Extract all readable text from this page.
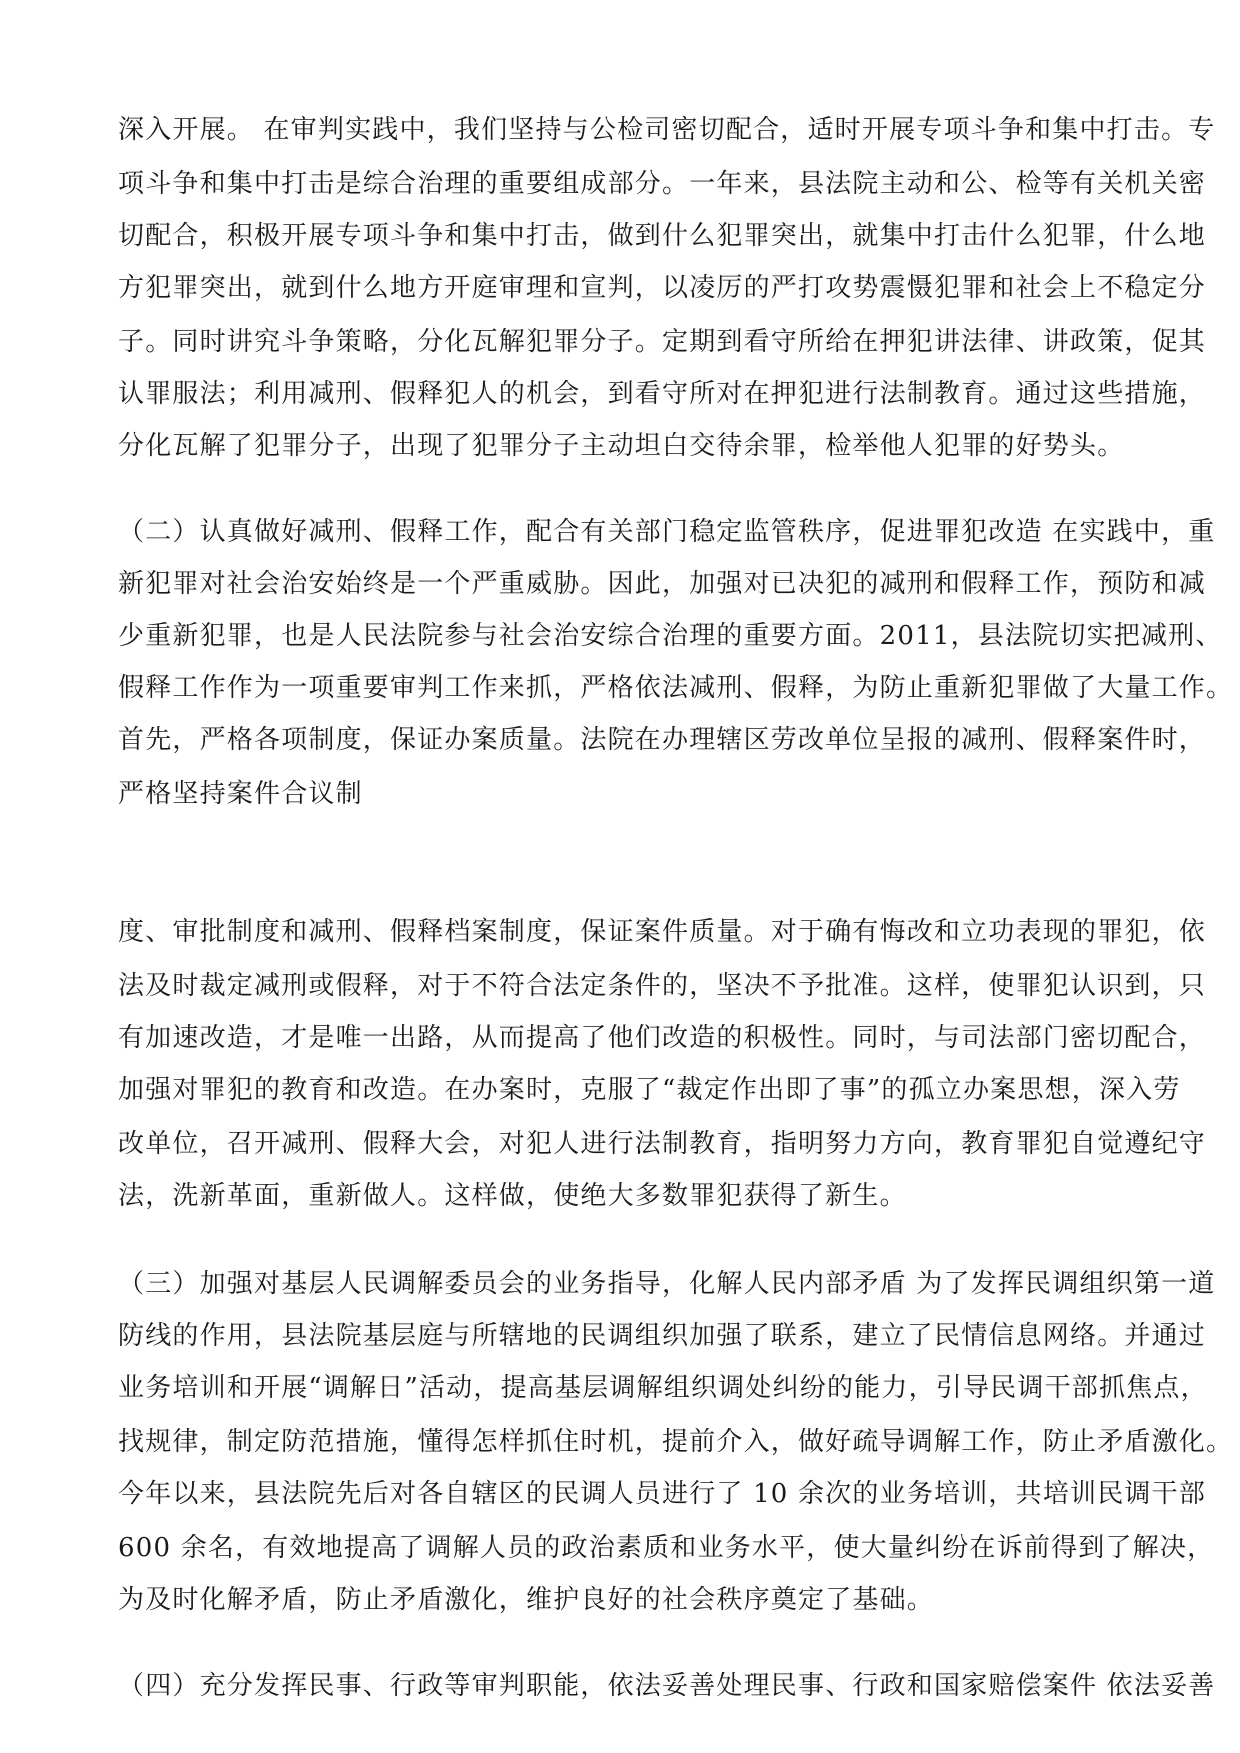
深入开展。 在审判实践中，我们坚持与公检司密切配合，适时开展专项斗争和集中打击。专
项斗争和集中打击是综合治理的重要组成部分。一年来，县法院主动和公、检等有关机关密
切配合，积极开展专项斗争和集中打击，做到什么犯罪突出，就集中打击什么犯罪，什么地
方犯罪突出，就到什么地方开庭审理和宣判，以凌厉的严打攻势震慑犯罪和社会上不稳定分
子。同时讲究斗争策略，分化瓦解犯罪分子。定期到看守所给在押犯讲法律、讲政策，促其
认罪服法；利用减刑、假释犯人的机会，到看守所对在押犯进行法制教育。通过这些措施，
分化瓦解了犯罪分子，出现了犯罪分子主动坦白交待余罪，检举他人犯罪的好势头。
（二）认真做好减刑、假释工作，配合有关部门稳定监管秩序，促进罪犯改造 在实践中，重
新犯罪对社会治安始终是一个严重威胁。因此，加强对已决犯的减刑和假释工作，预防和减
少重新犯罪，也是人民法院参与社会治安综合治理的重要方面。2011，县法院切实把减刑、
假释工作作为一项重要审判工作来抓，严格依法减刑、假释，为防止重新犯罪做了大量工作。
首先，严格各项制度，保证办案质量。法院在办理辖区劳改单位呈报的减刑、假释案件时，
严格坚持案件合议制
度、审批制度和减刑、假释档案制度，保证案件质量。对于确有悔改和立功表现的罪犯，依
法及时裁定减刑或假释，对于不符合法定条件的，坚决不予批准。这样，使罪犯认识到，只
有加速改造，才是唯一出路，从而提高了他们改造的积极性。同时，与司法部门密切配合，
加强对罪犯的教育和改造。在办案时，克服了“裁定作出即了事”的孤立办案思想，深入劳
改单位，召开减刑、假释大会，对犯人进行法制教育，指明努力方向，教育罪犯自觉遵纪守
法，洗新革面，重新做人。这样做，使绝大多数罪犯获得了新生。
（三）加强对基层人民调解委员会的业务指导，化解人民内部矛盾 为了发挥民调组织第一道
防线的作用，县法院基层庭与所辖地的民调组织加强了联系，建立了民情信息网络。并通过
业务培训和开展“调解日”活动，提高基层调解组织调处纠纷的能力，引导民调干部抓焦点，
找规律，制定防范措施，懂得怎样抓住时机，提前介入，做好疏导调解工作，防止矛盾激化。
今年以来，县法院先后对各自辖区的民调人员进行了 10 余次的业务培训，共培训民调干部
600 余名，有效地提高了调解人员的政治素质和业务水平，使大量纠纷在诉前得到了解决，
为及时化解矛盾，防止矛盾激化，维护良好的社会秩序奠定了基础。
（四）充分发挥民事、行政等审判职能，依法妥善处理民事、行政和国家赔偿案件 依法妥善
